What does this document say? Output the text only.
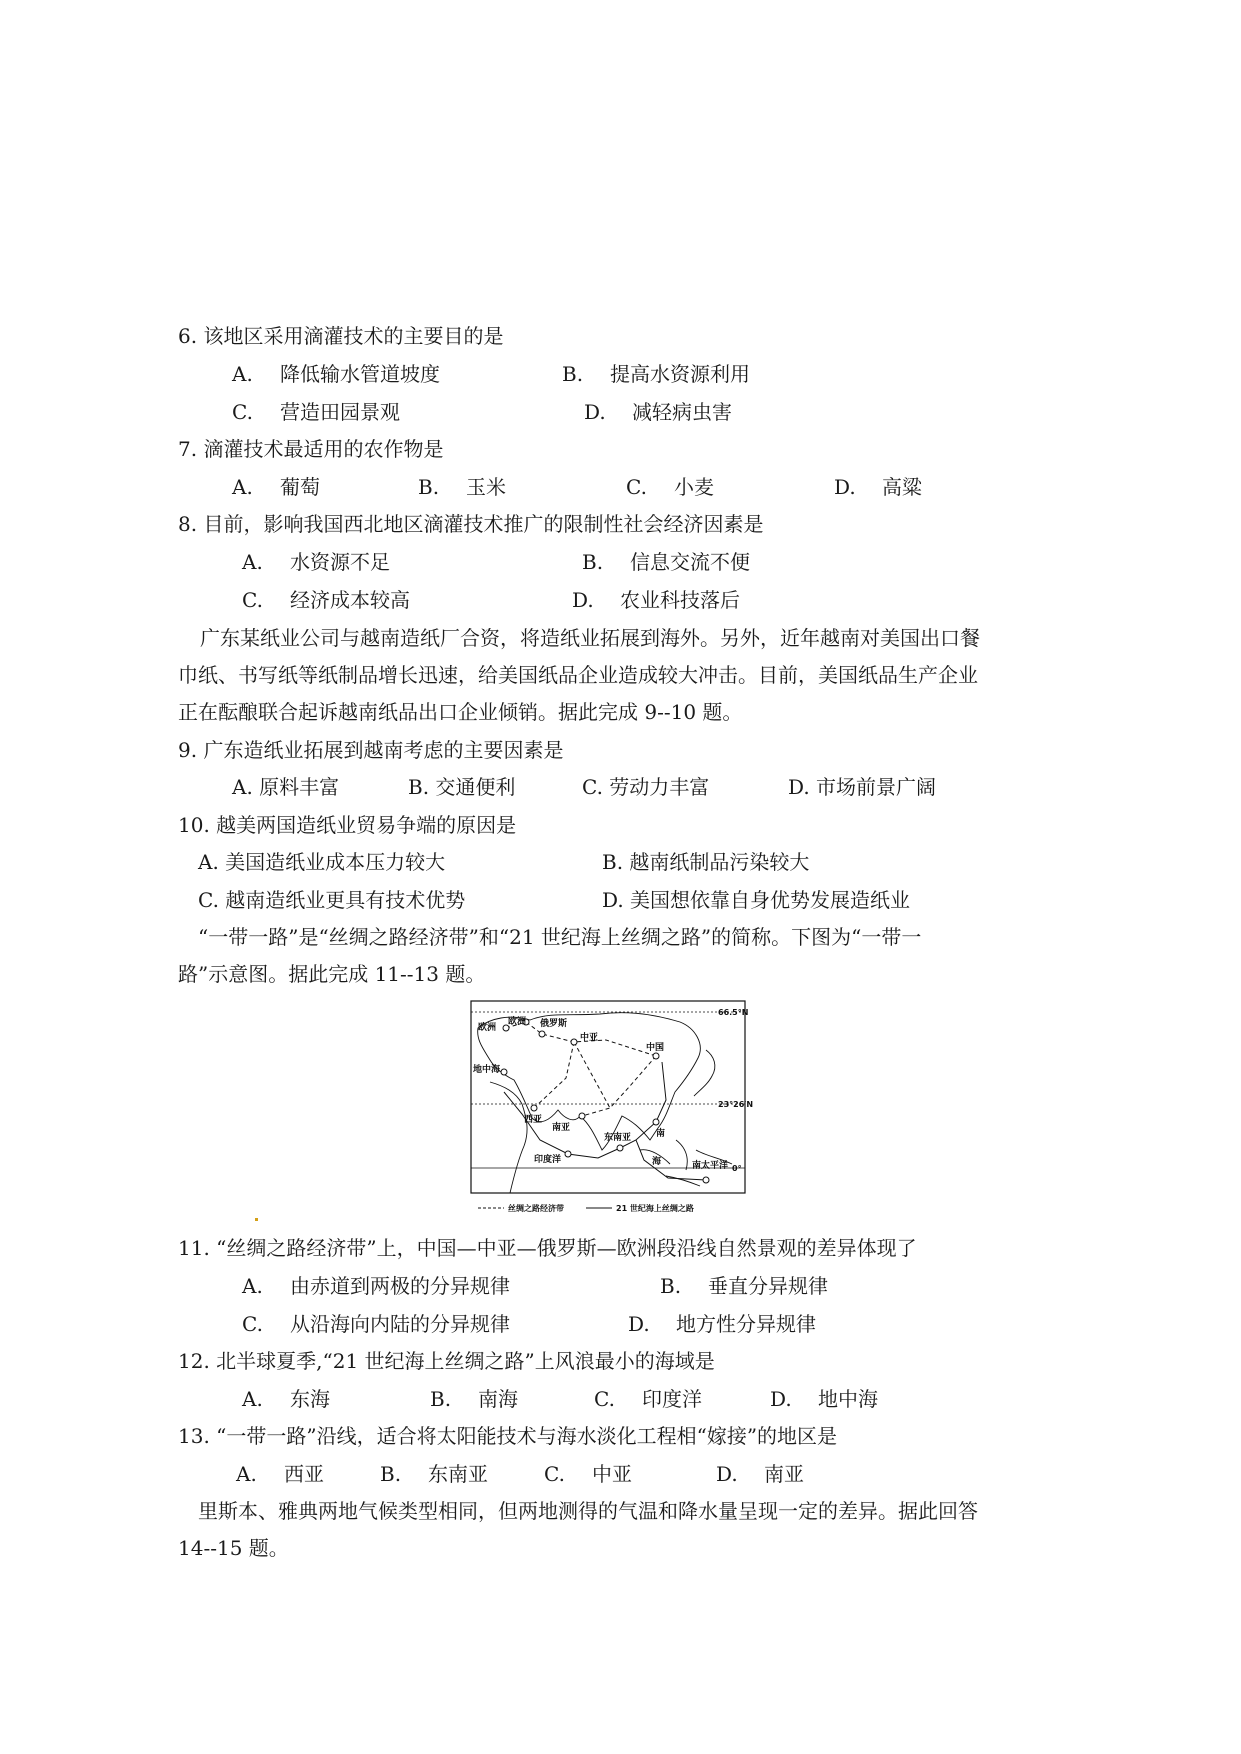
6. 该地区采用滴灌技术的主要目的是
A. 降低输水管道坡度	B. 提高水资源利用
C. 营造田园景观	D. 减轻病虫害
7. 滴灌技术最适用的农作物是
A. 葡萄	B. 玉米	C. 小麦	D. 高粱
8. 目前，影响我国西北地区滴灌技术推广的限制性社会经济因素是
A. 水资源不足	B. 信息交流不便
C. 经济成本较高	D. 农业科技落后
广东某纸业公司与越南造纸厂合资，将造纸业拓展到海外。另外，近年越南对美国出口餐
巾纸、书写纸等纸制品增长迅速，给美国纸品企业造成较大冲击。目前，美国纸品生产企业
正在酝酿联合起诉越南纸品出口企业倾销。据此完成 9--10 题。
9. 广东造纸业拓展到越南考虑的主要因素是
A. 原料丰富	B. 交通便利	C. 劳动力丰富	D. 市场前景广阔
10. 越美两国造纸业贸易争端的原因是
A. 美国造纸业成本压力较大	B. 越南纸制品污染较大
C. 越南造纸业更具有技术优势	D. 美国想依靠自身优势发展造纸业
“一带一路”是“丝绸之路经济带”和“21 世纪海上丝绸之路”的简称。下图为“一带一
路”示意图。据此完成 11--13 题。
欧洲
欧洲 俄罗斯
中亚
中国
地中海
西亚
南亚
东南亚
印度洋
南
海	南太平洋
66.5°N
23°26′N
0°
丝绸之路经济带	21 世纪海上丝绸之路
11. “丝绸之路经济带”上，中国—中亚—俄罗斯—欧洲段沿线自然景观的差异体现了
A. 由赤道到两极的分异规律	B. 垂直分异规律
C. 从沿海向内陆的分异规律	D. 地方性分异规律
12. 北半球夏季,“21 世纪海上丝绸之路”上风浪最小的海域是
A. 东海	B. 南海	C. 印度洋	D. 地中海
13. “一带一路”沿线，适合将太阳能技术与海水淡化工程相“嫁接”的地区是
A. 西亚	B. 东南亚	C. 中亚	D. 南亚
里斯本、雅典两地气候类型相同，但两地测得的气温和降水量呈现一定的差异。据此回答
14--15 题。
